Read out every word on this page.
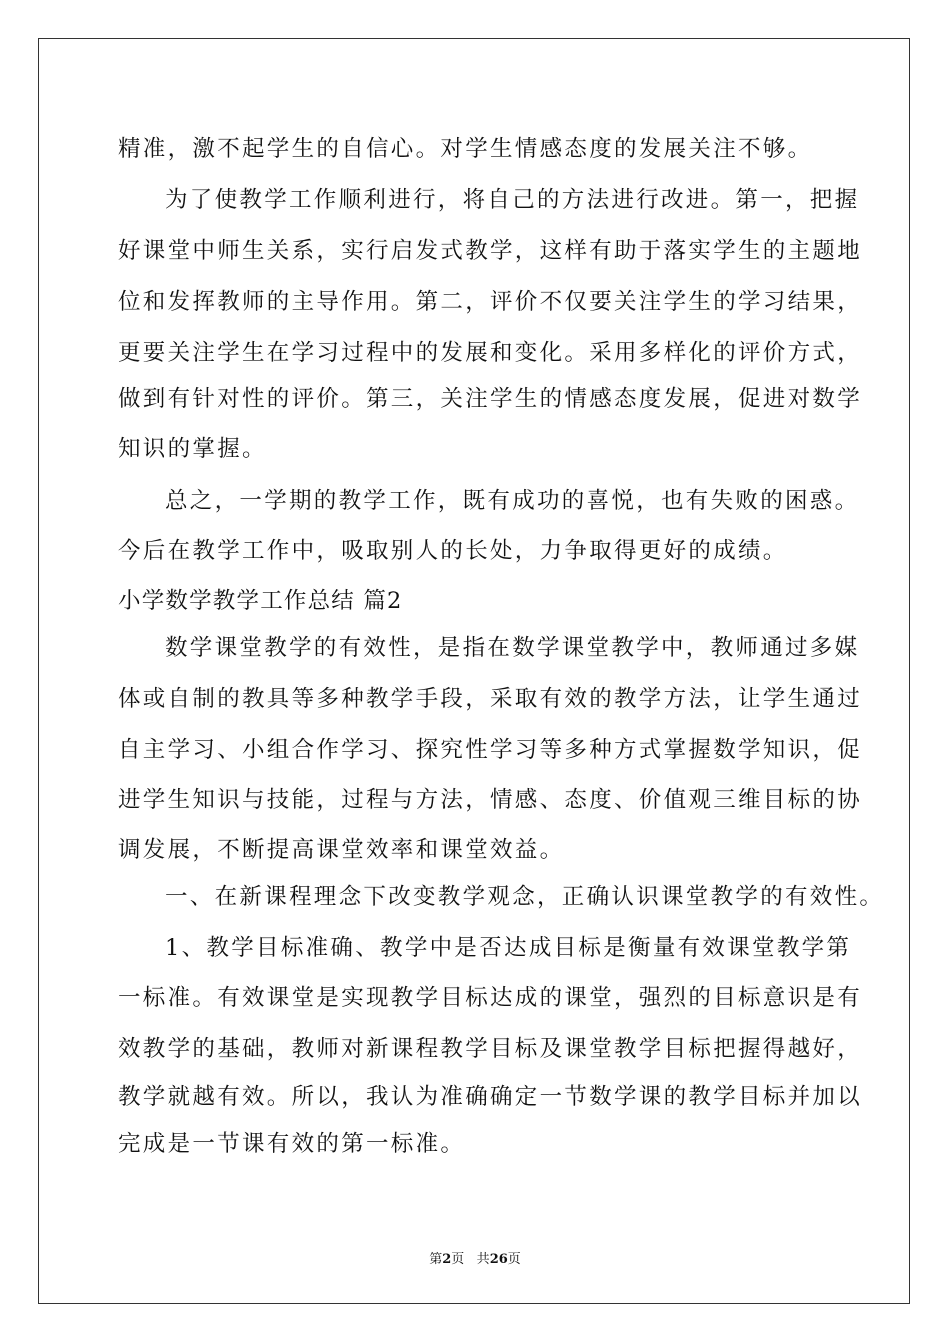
精准，激不起学生的自信心。对学生情感态度的发展关注不够。
为了使教学工作顺利进行，将自己的方法进行改进。第一，把握
好课堂中师生关系，实行启发式教学，这样有助于落实学生的主题地
位和发挥教师的主导作用。第二，评价不仅要关注学生的学习结果，
更要关注学生在学习过程中的发展和变化。采用多样化的评价方式，
做到有针对性的评价。第三，关注学生的情感态度发展，促进对数学
知识的掌握。
总之，一学期的教学工作，既有成功的喜悦，也有失败的困惑。
今后在教学工作中，吸取别人的长处，力争取得更好的成绩。
小学数学教学工作总结 篇2
数学课堂教学的有效性，是指在数学课堂教学中，教师通过多媒
体或自制的教具等多种教学手段，采取有效的教学方法，让学生通过
自主学习、小组合作学习、探究性学习等多种方式掌握数学知识，促
进学生知识与技能，过程与方法，情感、态度、价值观三维目标的协
调发展，不断提高课堂效率和课堂效益。
一、在新课程理念下改变教学观念，正确认识课堂教学的有效性。
1、教学目标准确、教学中是否达成目标是衡量有效课堂教学第
一标准。有效课堂是实现教学目标达成的课堂，强烈的目标意识是有
效教学的基础，教师对新课程教学目标及课堂教学目标把握得越好，
教学就越有效。所以，我认为准确确定一节数学课的教学目标并加以
完成是一节课有效的第一标准。
第2页 共26页
